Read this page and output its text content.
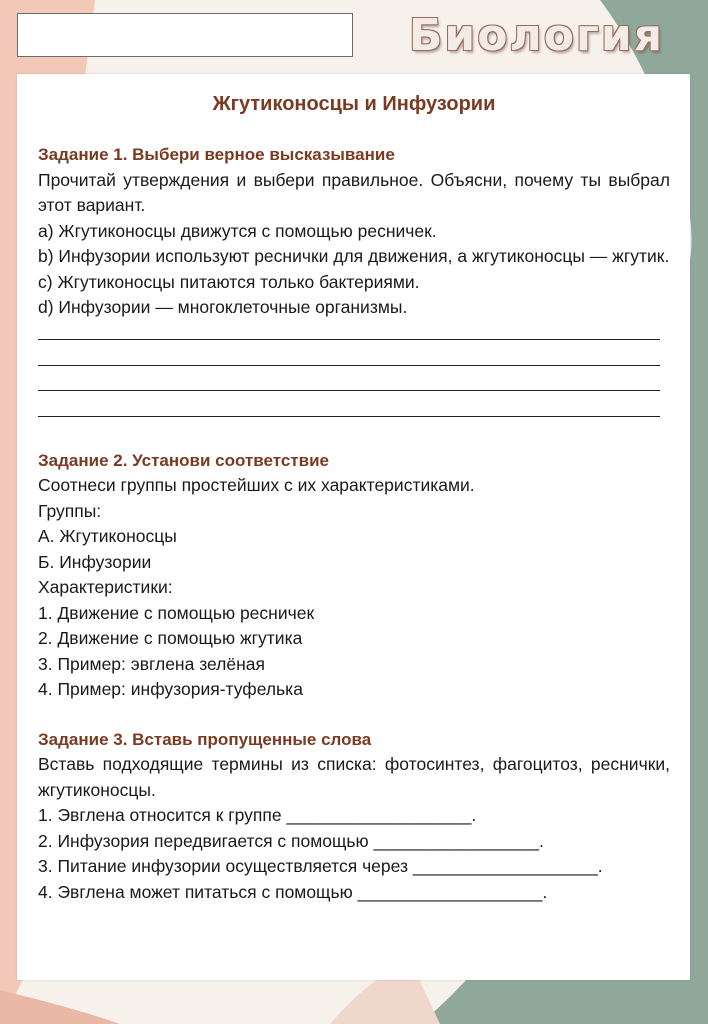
Биология

Жгутиконосцы и Инфузории

Задание 1. Выбери верное высказывание

Прочитай утверждения и выбери правильное. Объясни, почему ты выбрал этот вариант.

a) Жгутиконосцы движутся с помощью ресничек.

b) Инфузории используют реснички для движения, а жгутиконосцы — жгутик.

c) Жгутиконосцы питаются только бактериями.

d) Инфузории — многоклеточные организмы.

Задание 2. Установи соответствие

Соотнеси группы простейших с их характеристиками.

Группы:

А. Жгутиконосцы

Б. Инфузории

Характеристики:

1. Движение с помощью ресничек

2. Движение с помощью жгутика

3. Пример: эвглена зелёная

4. Пример: инфузория-туфелька

Задание 3. Вставь пропущенные слова

Вставь подходящие термины из списка: фотосинтез, фагоцитоз, реснички, жгутиконосцы.

1. Эвглена относится к группе ___________________.

2. Инфузория передвигается с помощью _________________.

3. Питание инфузории осуществляется через ___________________.

4. Эвглена может питаться с помощью ___________________.
